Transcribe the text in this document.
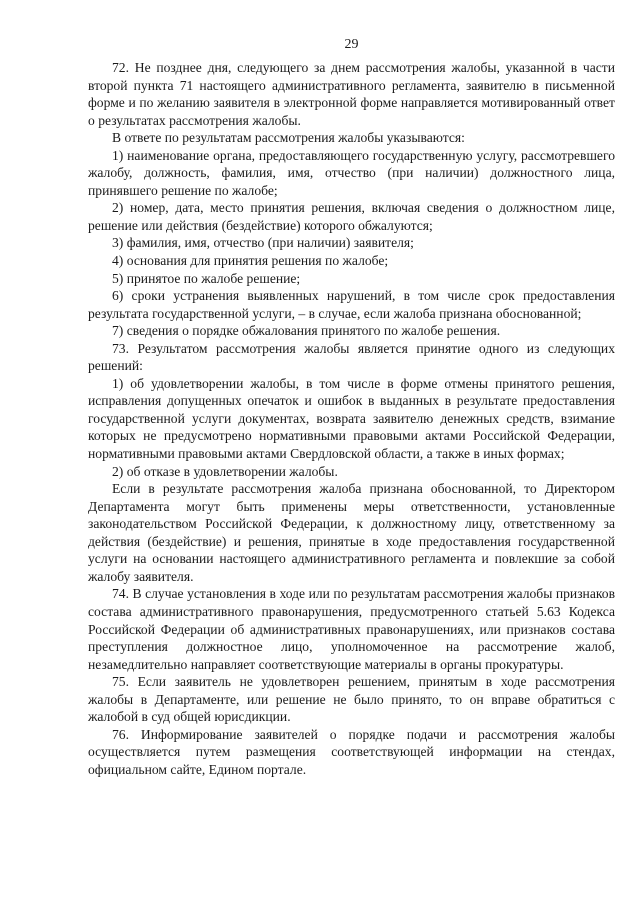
29

72. Не позднее дня, следующего за днем рассмотрения жалобы, указанной в части второй пункта 71 настоящего административного регламента, заявителю в письменной форме и по желанию заявителя в электронной форме направляется мотивированный ответ о результатах рассмотрения жалобы.

В ответе по результатам рассмотрения жалобы указываются:

1) наименование органа, предоставляющего государственную услугу, рассмотревшего жалобу, должность, фамилия, имя, отчество (при наличии) должностного лица, принявшего решение по жалобе;

2) номер, дата, место принятия решения, включая сведения о должностном лице, решение или действия (бездействие) которого обжалуются;

3) фамилия, имя, отчество (при наличии) заявителя;

4) основания для принятия решения по жалобе;

5) принятое по жалобе решение;

6) сроки устранения выявленных нарушений, в том числе срок предоставления результата государственной услуги, – в случае, если жалоба признана обоснованной;

7) сведения о порядке обжалования принятого по жалобе решения.

73. Результатом рассмотрения жалобы является принятие одного из следующих решений:

1) об удовлетворении жалобы, в том числе в форме отмены принятого решения, исправления допущенных опечаток и ошибок в выданных в результате предоставления государственной услуги документах, возврата заявителю денежных средств, взимание которых не предусмотрено нормативными правовыми актами Российской Федерации, нормативными правовыми актами Свердловской области, а также в иных формах;

2) об отказе в удовлетворении жалобы.

Если в результате рассмотрения жалоба признана обоснованной, то Директором Департамента могут быть применены меры ответственности, установленные законодательством Российской Федерации, к должностному лицу, ответственному за действия (бездействие) и решения, принятые в ходе предоставления государственной услуги на основании настоящего административного регламента и повлекшие за собой жалобу заявителя.

74. В случае установления в ходе или по результатам рассмотрения жалобы признаков состава административного правонарушения, предусмотренного статьей 5.63 Кодекса Российской Федерации об административных правонарушениях, или признаков состава преступления должностное лицо, уполномоченное на рассмотрение жалоб, незамедлительно направляет соответствующие материалы в органы прокуратуры.

75. Если заявитель не удовлетворен решением, принятым в ходе рассмотрения жалобы в Департаменте, или решение не было принято, то он вправе обратиться с жалобой в суд общей юрисдикции.

76. Информирование заявителей о порядке подачи и рассмотрения жалобы осуществляется путем размещения соответствующей информации на стендах, официальном сайте, Едином портале.
